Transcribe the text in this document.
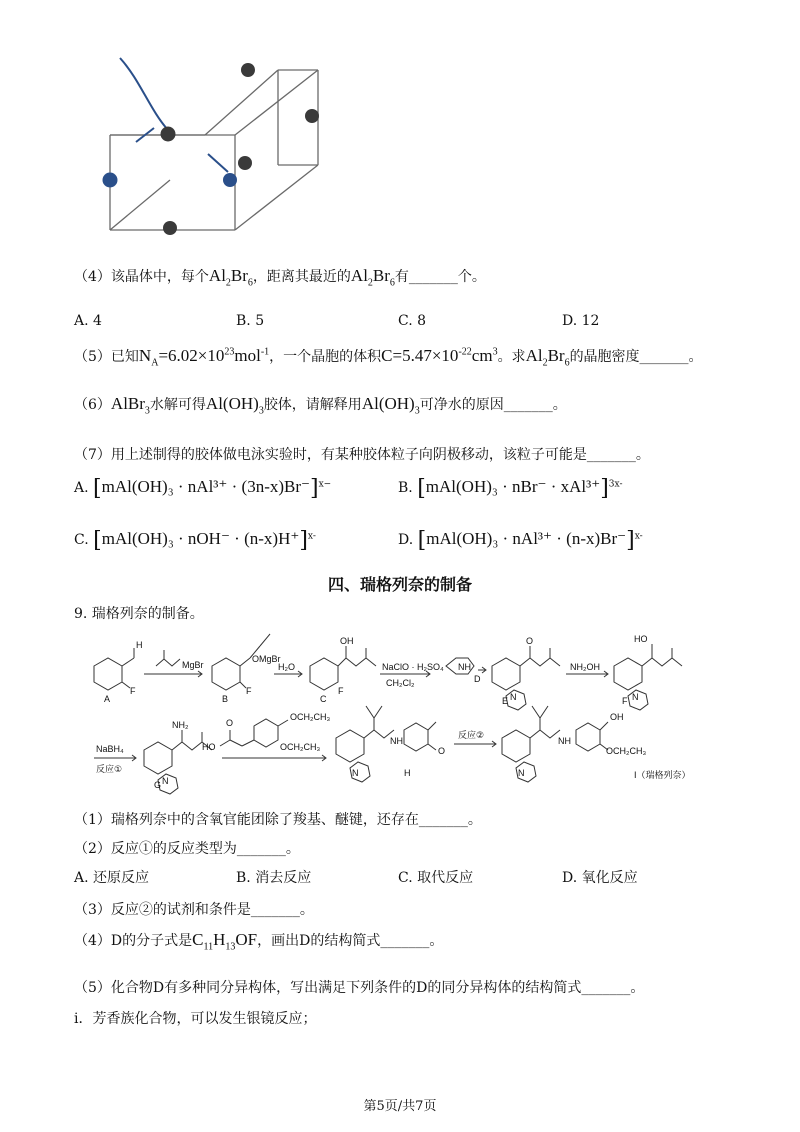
（4）该晶体中，每个$Al_2Br_6$，距离其最近的$Al_2Br_6$有_______个。
A. 4	B. 5	C. 8	D. 12
（5）已知$N_A=6.02\times 10^{23}mol^{-1}$，一个晶胞的体积$C=5.47\times 10^{-22}cm^3$。求$Al_2Br_6$的晶胞密度_______。
（6）AlBr$_3$水解可得$Al(OH)_3$胶体，请解释用$Al(OH)_3$可净水的原因_______。
（7）用上述制得的胶体做电泳实验时，有某种胶体粒子向阴极移动，该粒子可能是_______。
A. $[mAl(OH)_3 \cdot nAl^{3+} \cdot (3n-x)Br^-]^{x-}$	B. $[mAl(OH)_3 \cdot nBr^- \cdot xAl^{3+}]^{3x-}$
C. $[mAl(OH)_3 \cdot nOH^- \cdot (n-x)H^+]^{x-}$	D. $[mAl(OH)_3 \cdot nAl^{3+} \cdot (n-x)Br^-]^{x-}$
四、瑞格列奈的制备
9. 瑞格列奈的制备。
A	B	C
D
E	F
G
H	I（瑞格列奈）
H
F
MgBr
OMgBr
F
H₂O
OH
F
NaClO · H₂SO₄
CH₂Cl₂
NH
O
N
NH₂OH
HO
N
NaBH₄
反应①
NH₂
N
HO
O
OCH₂CH₃
OCH₂CH₃
NH
N
O
反应②
NH
N
OH
OCH₂CH₃
（1）瑞格列奈中的含氧官能团除了羧基、醚键，还存在_______。
（2）反应①的反应类型为_______。
A. 还原反应	B. 消去反应	C. 取代反应	D. 氧化反应
（3）反应②的试剂和条件是_______。
（4）D的分子式是$C_{11}H_{13}OF$，画出D的结构简式_______。
（5）化合物D有多种同分异构体，写出满足下列条件的D的同分异构体的结构简式_______。
i．芳香族化合物，可以发生银镜反应；
第5页/共7页
